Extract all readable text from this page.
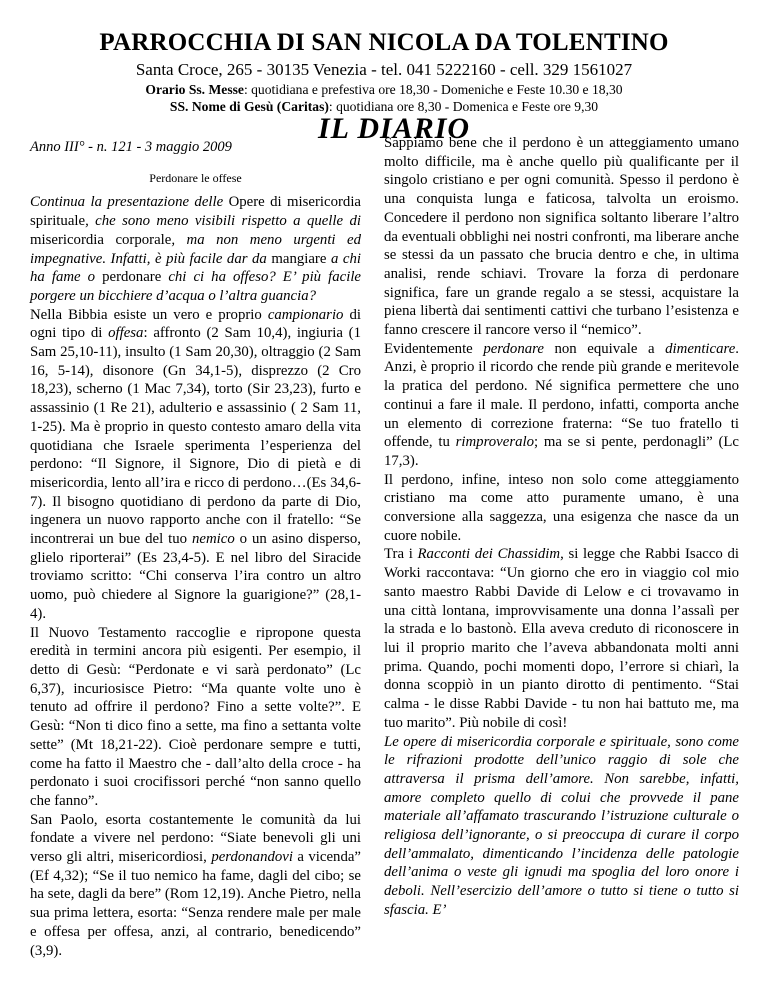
PARROCCHIA DI SAN NICOLA DA TOLENTINO
Santa Croce, 265 - 30135 Venezia - tel. 041 5222160 - cell. 329 1561027
Orario Ss. Messe: quotidiana e prefestiva ore 18,30 - Domeniche e Feste 10.30 e 18,30
SS. Nome di Gesù (Caritas): quotidiana ore 8,30 - Domenica e Feste ore 9,30
IL DIARIO
Anno III° - n. 121 - 3 maggio 2009
Perdonare le offese

Continua la presentazione delle Opere di misericordia spirituale, che sono meno visibili rispetto a quelle di misericordia corporale, ma non meno urgenti ed impegnative. Infatti, è più facile dar da mangiare a chi ha fame o perdonare chi ci ha offeso? E’ più facile porgere un bicchiere d’acqua o l’altra guancia?

Nella Bibbia esiste un vero e proprio campionario di ogni tipo di offesa: affronto (2 Sam 10,4), ingiuria (1 Sam 25,10-11), insulto (1 Sam 20,30), oltraggio (2 Sam 16, 5-14), disonore (Gn 34,1-5), disprezzo (2 Cro 18,23), scherno (1 Mac 7,34), torto (Sir 23,23), furto e assassinio (1 Re 21), adulterio e assassinio ( 2 Sam 11, 1-25). Ma è proprio in questo contesto amaro della vita quotidiana che Israele sperimenta l’esperienza del perdono: “Il Signore, il Signore, Dio di pietà e di misericordia, lento all’ira e ricco di perdono…(Es 34,6-7). Il bisogno quotidiano di perdono da parte di Dio, ingenera un nuovo rapporto anche con il fratello: “Se incontrerai un bue del tuo nemico o un asino disperso, glielo riporterai” (Es 23,4-5). E nel libro del Siracide troviamo scritto: “Chi conserva l’ira contro un altro uomo, può chiedere al Signore la guarigione?” (28,1-4).

Il Nuovo Testamento raccoglie e ripropone questa eredità in termini ancora più esigenti. Per esempio, il detto di Gesù: “Perdonate e vi sarà perdonato” (Lc 6,37), incuriosisce Pietro: “Ma quante volte uno è tenuto ad offrire il perdono? Fino a sette volte?”. E Gesù: “Non ti dico fino a sette, ma fino a settanta volte sette” (Mt 18,21-22). Cioè perdonare sempre e tutti, come ha fatto il Maestro che - dall’alto della croce - ha perdonato i suoi crocifissori perché “non sanno quello che fanno”.

San Paolo, esorta costantemente le comunità da lui fondate a vivere nel perdono: “Siate benevoli gli uni verso gli altri, misericordiosi, perdonandovi a vicenda” (Ef 4,32); “Se il tuo nemico ha fame, dagli del cibo; se ha sete, dagli da bere” (Rom 12,19). Anche Pietro, nella sua prima lettera, esorta: “Senza rendere male per male e offesa per offesa, anzi, al contrario, benedicendo” (3,9).

Sappiamo bene che il perdono è un atteggiamento umano molto difficile, ma è anche quello più qualificante per il singolo cristiano e per ogni comunità. Spesso il perdono è una conquista lunga e faticosa, talvolta un eroismo. Concedere il perdono non significa soltanto liberare l’altro da eventuali obblighi nei nostri confronti, ma liberare anche se stessi da un passato che brucia dentro e che, in ultima analisi, rende schiavi. Trovare la forza di perdonare significa, fare un grande regalo a se stessi, acquistare la piena libertà dai sentimenti cattivi che turbano l’esistenza e fanno crescere il rancore verso il “nemico”.

Evidentemente perdonare non equivale a dimenticare. Anzi, è proprio il ricordo che rende più grande e meritevole la pratica del perdono. Né significa permettere che uno continui a fare il male. Il perdono, infatti, comporta anche un elemento di correzione fraterna: “Se tuo fratello ti offende, tu rimproveralo; ma se si pente, perdonagli” (Lc 17,3).

Il perdono, infine, inteso non solo come atteggiamento cristiano ma come atto puramente umano, è una conversione alla saggezza, una esigenza che nasce da un cuore nobile.

Tra i Racconti dei Chassidim, si legge che Rabbi Isacco di Worki raccontava: “Un giorno che ero in viaggio col mio santo maestro Rabbi Davide di Lelow e ci trovavamo in una città lontana, improvvisamente una donna l’assalì per la strada e lo bastonò. Ella aveva creduto di riconoscere in lui il proprio marito che l’aveva abbandonata molti anni prima. Quando, pochi momenti dopo, l’errore si chiarì, la donna scoppiò in un pianto dirotto di pentimento. “Stai calma - le disse Rabbi Davide - tu non hai battuto me, ma tuo marito”. Più nobile di così!

Le opere di misericordia corporale e spirituale, sono come le rifrazioni prodotte dell’unico raggio di sole che attraversa il prisma dell’amore. Non sarebbe, infatti, amore completo quello di colui che provvede il pane materiale all’affamato trascurando l’istruzione culturale o religiosa dell’ignorante, o si preoccupa di curare il corpo dell’ammalato, dimenticando l’incidenza delle patologie dell’anima o veste gli ignudi ma spoglia del loro onore i deboli. Nell’esercizio dell’amore o tutto si tiene o tutto si sfascia. E’
